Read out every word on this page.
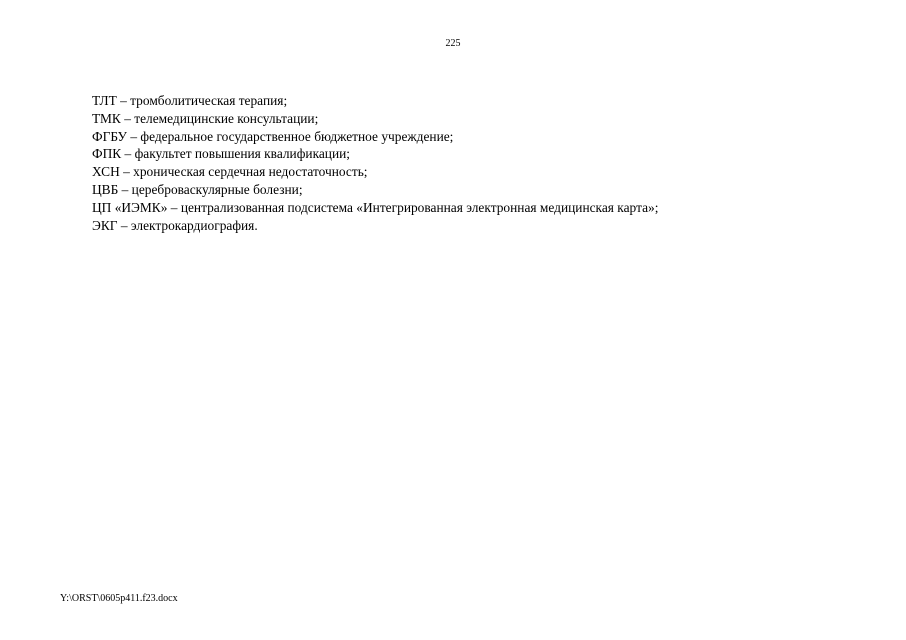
225
ТЛТ – тромболитическая терапия;
ТМК – телемедицинские консультации;
ФГБУ – федеральное государственное бюджетное учреждение;
ФПК – факультет повышения квалификации;
ХСН – хроническая сердечная недостаточность;
ЦВБ – цереброваскулярные болезни;
ЦП «ИЭМК» – централизованная подсистема «Интегрированная электронная медицинская карта»;
ЭКГ – электрокардиография.
Y:\ORST\0605p411.f23.docx
